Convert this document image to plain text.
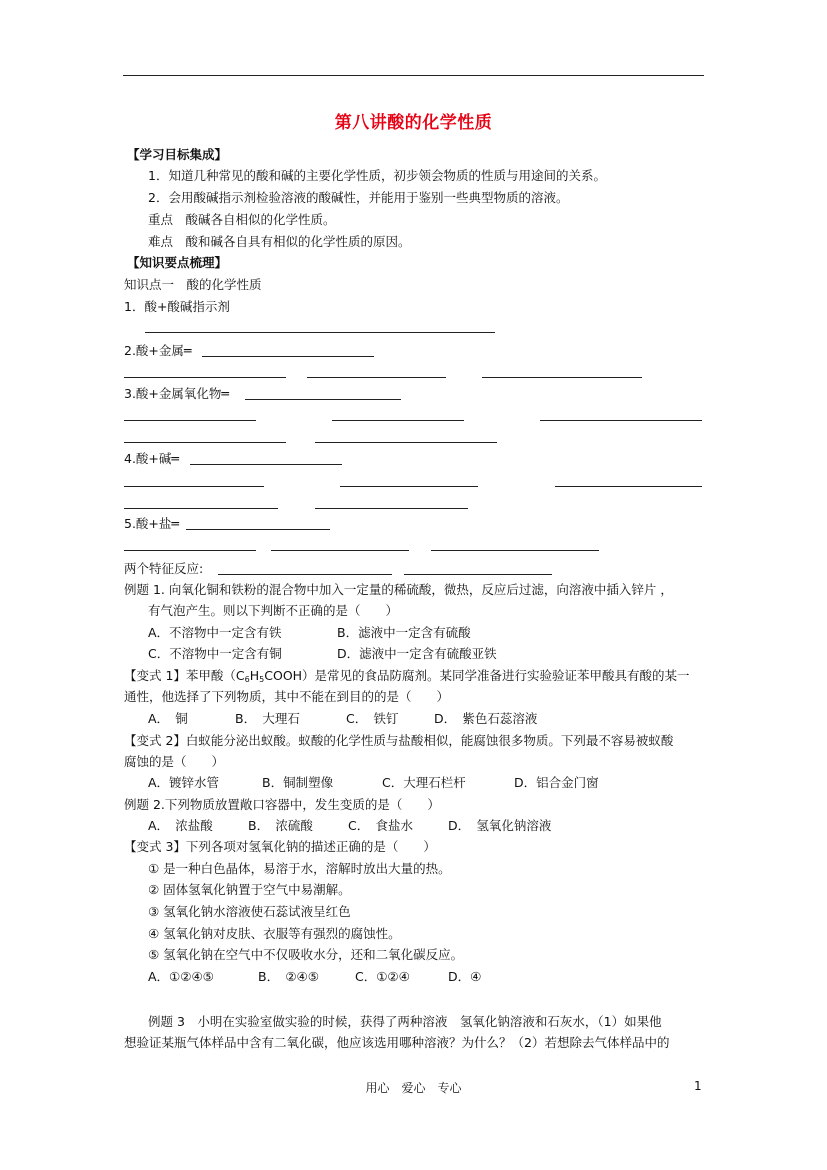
第八讲酸的化学性质
【学习目标集成】
1．知道几种常见的酸和碱的主要化学性质，初步领会物质的性质与用途间的关系。
2．会用酸碱指示剂检验溶液的酸碱性，并能用于鉴别一些典型物质的溶液。
重点　酸碱各自相似的化学性质。
难点　酸和碱各自具有相似的化学性质的原因。
【知识要点梳理】
知识点一　酸的化学性质
1．酸+酸碱指示剂
2.酸+金属═
3.酸+金属氧化物═
4.酸+碱═
5.酸+盐═
两个特征反应:
例题 1. 向氧化铜和铁粉的混合物中加入一定量的稀硫酸，微热，反应后过滤，向溶液中插入锌片 ，
有气泡产生。则以下判断不正确的是（　　）
A．不溶物中一定含有铁	B．滤液中一定含有硫酸
C．不溶物中一定含有铜	D．滤液中一定含有硫酸亚铁
【变式 1】苯甲酸（C6H5COOH）是常见的食品防腐剂。某同学准备进行实验验证苯甲酸具有酸的某一
通性，他选择了下列物质，其中不能在到目的的是（　　）
A．　铜	B．　大理石	C．　铁钉	D．　紫色石蕊溶液
【变式 2】白蚁能分泌出蚁酸。蚁酸的化学性质与盐酸相似，能腐蚀很多物质。下列最不容易被蚁酸
腐蚀的是（　　）
A．镀锌水管	B．铜制塑像	C．大理石栏杆	D．铝合金门窗
例题 2.下列物质放置敞口容器中，发生变质的是（　　）
A．　浓盐酸	B．　浓硫酸	C．　食盐水	D．　氢氧化钠溶液
【变式 3】下列各项对氢氧化钠的描述正确的是（　　）
① 是一种白色晶体，易溶于水，溶解时放出大量的热。
② 固体氢氧化钠置于空气中易潮解。
③ 氢氧化钠水溶液使石蕊试液呈红色
④ 氢氧化钠对皮肤、衣服等有强烈的腐蚀性。
⑤ 氢氧化钠在空气中不仅吸收水分，还和二氧化碳反应。
A．①②④⑤	B．　②④⑤	C．①②④	D．④
例题 3　小明在实验室做实验的时候，获得了两种溶液　氢氧化钠溶液和石灰水，（1）如果他
想验证某瓶气体样品中含有二氧化碳，他应该选用哪种溶液？为什么？（2）若想除去气体样品中的
用心　爱心　专心	1
